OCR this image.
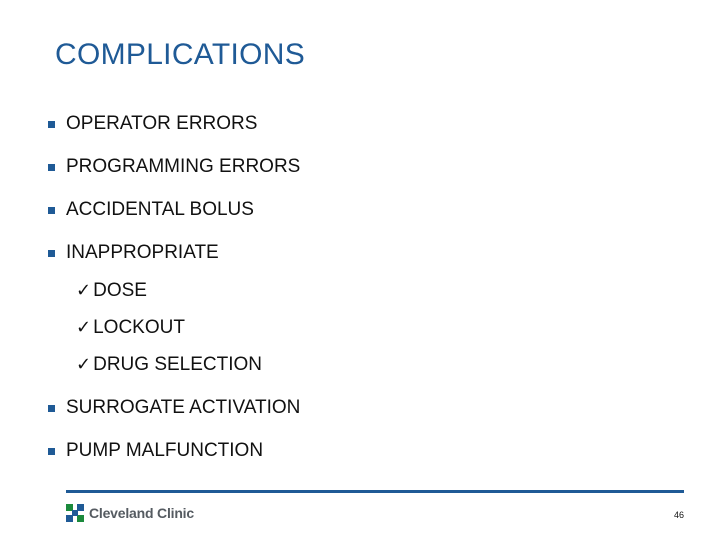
COMPLICATIONS
OPERATOR ERRORS
PROGRAMMING ERRORS
ACCIDENTAL BOLUS
INAPPROPRIATE
✓ DOSE
✓ LOCKOUT
✓ DRUG SELECTION
SURROGATE ACTIVATION
PUMP MALFUNCTION
Cleveland Clinic	46
